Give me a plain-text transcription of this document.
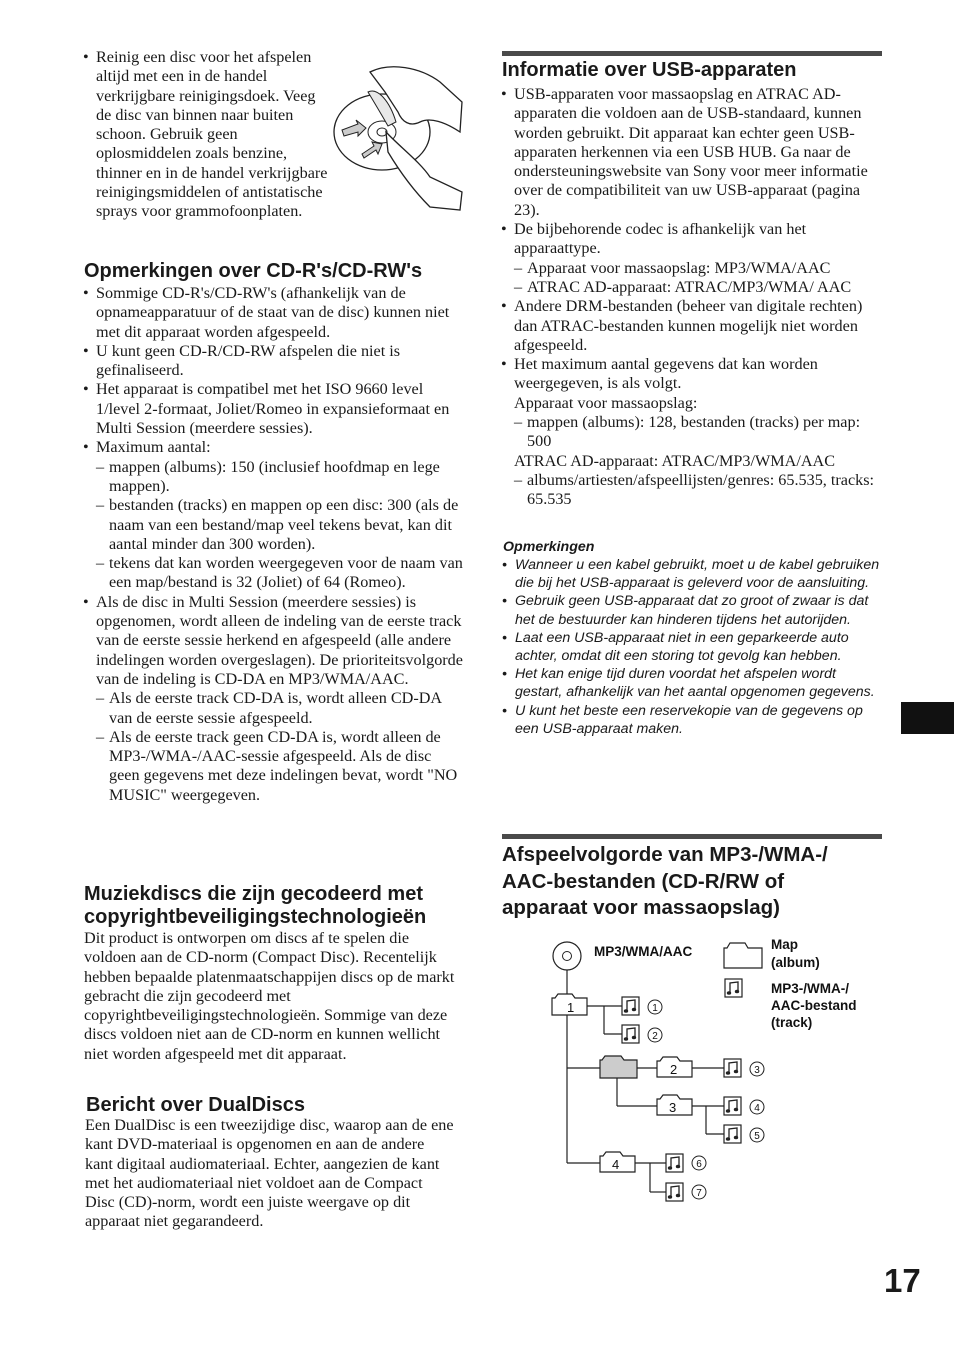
• Reinig een disc voor het afspelen altijd met een in de handel verkrijgbare reinigingsdoek. Veeg de disc van binnen naar buiten schoon. Gebruik geen oplosmiddelen zoals benzine, thinner en in de handel verkrijgbare reinigingsmiddelen of antistatische sprays voor grammofoonplaten.
Opmerkingen over CD-R's/CD-RW's
• Sommige CD-R's/CD-RW's (afhankelijk van de opnameapparatuur of de staat van de disc) kunnen niet met dit apparaat worden afgespeeld.
• U kunt geen CD-R/CD-RW afspelen die niet is gefinaliseerd.
• Het apparaat is compatibel met het ISO 9660 level 1/level 2-formaat, Joliet/Romeo in expansieformaat en Multi Session (meerdere sessies).
• Maximum aantal:
– mappen (albums): 150 (inclusief hoofdmap en lege mappen).
– bestanden (tracks) en mappen op een disc: 300 (als de naam van een bestand/map veel tekens bevat, kan dit aantal minder dan 300 worden).
– tekens dat kan worden weergegeven voor de naam van een map/bestand is 32 (Joliet) of 64 (Romeo).
• Als de disc in Multi Session (meerdere sessies) is opgenomen, wordt alleen de indeling van de eerste track van de eerste sessie herkend en afgespeeld (alle andere indelingen worden overgeslagen). De prioriteitsvolgorde van de indeling is CD-DA en MP3/WMA/AAC.
– Als de eerste track CD-DA is, wordt alleen CD-DA van de eerste sessie afgespeeld.
– Als de eerste track geen CD-DA is, wordt alleen de MP3-/WMA-/AAC-sessie afgespeeld. Als de disc geen gegevens met deze indelingen bevat, wordt "NO MUSIC" weergegeven.
Muziekdiscs die zijn gecodeerd met
copyrightbeveiligingstechnologieën
Dit product is ontworpen om discs af te spelen die voldoen aan de CD-norm (Compact Disc). Recentelijk hebben bepaalde platenmaatschappijen discs op de markt gebracht die zijn gecodeerd met copyrightbeveiligingstechnologieën. Sommige van deze discs voldoen niet aan de CD-norm en kunnen wellicht niet worden afgespeeld met dit apparaat.
Bericht over DualDiscs
Een DualDisc is een tweezijdige disc, waarop aan de ene kant DVD-materiaal is opgenomen en aan de andere kant digitaal audiomateriaal. Echter, aangezien de kant met het audiomateriaal niet voldoet aan de Compact Disc (CD)-norm, wordt een juiste weergave op dit apparaat niet gegarandeerd.
Informatie over USB-apparaten
• USB-apparaten voor massaopslag en ATRAC AD-apparaten die voldoen aan de USB-standaard, kunnen worden gebruikt. Dit apparaat kan echter geen USB-apparaten herkennen via een USB HUB. Ga naar de ondersteuningswebsite van Sony voor meer informatie over de compatibiliteit van uw USB-apparaat (pagina 23).
• De bijbehorende codec is afhankelijk van het apparaattype.
– Apparaat voor massaopslag: MP3/WMA/AAC
– ATRAC AD-apparaat: ATRAC/MP3/WMA/ AAC
• Andere DRM-bestanden (beheer van digitale rechten) dan ATRAC-bestanden kunnen mogelijk niet worden afgespeeld.
• Het maximum aantal gegevens dat kan worden weergegeven, is als volgt.
Apparaat voor massaopslag:
– mappen (albums): 128, bestanden (tracks) per map: 500
ATRAC AD-apparaat: ATRAC/MP3/WMA/AAC
– albums/artiesten/afspeellijsten/genres: 65.535, tracks: 65.535
Opmerkingen
• Wanneer u een kabel gebruikt, moet u de kabel gebruiken die bij het USB-apparaat is geleverd voor de aansluiting.
• Gebruik geen USB-apparaat dat zo groot of zwaar is dat het de bestuurder kan hinderen tijdens het autorijden.
• Laat een USB-apparaat niet in een geparkeerde auto achter, omdat dit een storing tot gevolg kan hebben.
• Het kan enige tijd duren voordat het afspelen wordt gestart, afhankelijk van het aantal opgenomen gegevens.
• U kunt het beste een reservekopie van de gegevens op een USB-apparaat maken.
Afspeelvolgorde van MP3-/WMA-/
AAC-bestanden (CD-R/RW of
apparaat voor massaopslag)
MP3/WMA/AAC	Map
(album)
MP3-/WMA-/
AAC-bestand
(track)
1	1
2
2	3
3	4
5
4	6
7
17
